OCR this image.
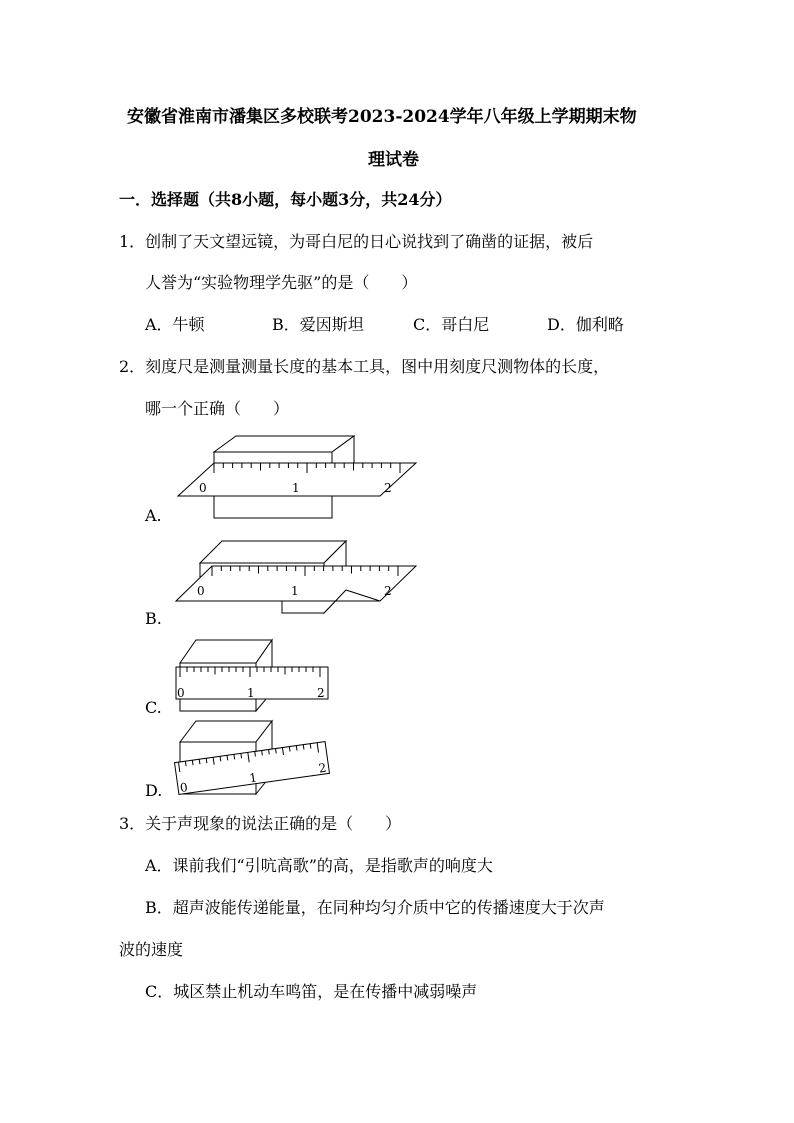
安徽省淮南市潘集区多校联考2023-2024学年八年级上学期期末物
理试卷
一．选择题（共8小题，每小题3分，共24分）
1．创制了天文望远镜，为哥白尼的日心说找到了确凿的证据，被后
人誉为“实验物理学先驱”的是（　　）
A．牛顿	B．爱因斯坦	C．哥白尼	D．伽利略
2．刻度尺是测量测量长度的基本工具，图中用刻度尺测物体的长度，
哪一个正确（　　）
0	1	2
A.
0	1	2
B.
0	1	2
C.
0
1
2
D.
3．关于声现象的说法正确的是（　　）
A．课前我们“引吭高歌”的高，是指歌声的响度大
B．超声波能传递能量，在同种均匀介质中它的传播速度大于次声
波的速度
C．城区禁止机动车鸣笛，是在传播中减弱噪声
